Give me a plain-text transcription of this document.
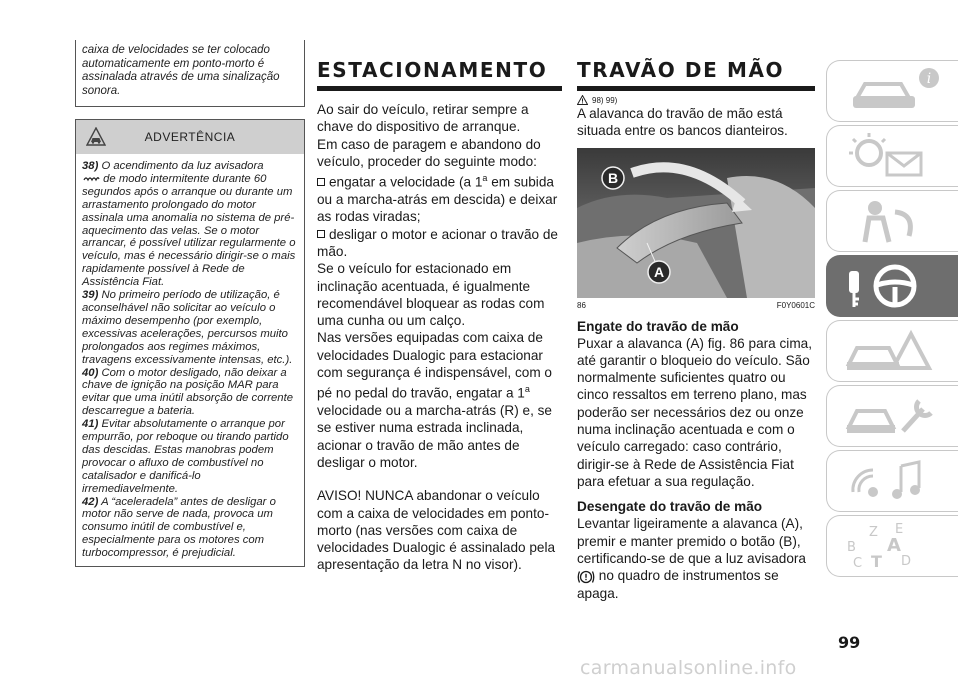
caixa de velocidades se ter colocado automaticamente em ponto-morto é assinalada através de uma sinalização sonora.
ADVERTÊNCIA

38) O acendimento da luz avisadora
de modo intermitente durante 60 segundos após o arranque ou durante um arrastamento prolongado do motor assinala uma anomalia no sistema de pré-aquecimento das velas. Se o motor arrancar, é possível utilizar regularmente o veículo, mas é necessário dirigir-se o mais rapidamente possível à Rede de Assistência Fiat.

39) No primeiro período de utilização, é aconselhável não solicitar ao veículo o máximo desempenho (por exemplo, excessivas acelerações, percursos muito prolongados aos regimes máximos, travagens excessivamente intensas, etc.).

40) Com o motor desligado, não deixar a chave de ignição na posição MAR para evitar que uma inútil absorção de corrente descarregue a bateria.

41) Evitar absolutamente o arranque por empurrão, por reboque ou tirando partido das descidas. Estas manobras podem provocar o afluxo de combustível no catalisador e danificá-lo irremediavelmente.

42) A “aceleradela” antes de desligar o motor não serve de nada, provoca um consumo inútil de combustível e, especialmente para os motores com turbocompressor, é prejudicial.

ESTACIONAMENTO
Ao sair do veículo, retirar sempre a chave do dispositivo de arranque.
Em caso de paragem e abandono do veículo, proceder do seguinte modo:
engatar a velocidade (a 1$^a$ em subida ou a marcha-atrás em descida) e deixar as rodas viradas;
desligar o motor e acionar o travão de mão.
Se o veículo for estacionado em inclinação acentuada, é igualmente recomendável bloquear as rodas com uma cunha ou um calço.
Nas versões equipadas com caixa de velocidades Dualogic para estacionar com segurança é indispensável, com o pé no pedal do travão, engatar a 1$^a$ velocidade ou a marcha-atrás (R) e, se se estiver numa estrada inclinada, acionar o travão de mão antes de desligar o motor.
AVISO! NUNCA abandonar o veículo com a caixa de velocidades em ponto-morto (nas versões com caixa de velocidades Dualogic é assinalado pela apresentação da letra N no visor).
TRAVÃO DE MÃO
98) 99)
A alavanca do travão de mão está situada entre os bancos dianteiros.
B
A
86	F0Y0601C
Engate do travão de mão
Puxar a alavanca (A) fig. 86 para cima, até garantir o bloqueio do veículo. São normalmente suficientes quatro ou cinco ressaltos em terreno plano, mas poderão ser necessários dez ou onze numa inclinação acentuada e com o veículo carregado: caso contrário, dirigir-se à Rede de Assistência Fiat para efetuar a sua regulação.
Desengate do travão de mão
Levantar ligeiramente a alavanca (A), premir e manter premido o botão (B), certificando-se de que a luz avisadora
no quadro de instrumentos se apaga.
i
Z E
B A
C T D
99
carmanualsonline.info
